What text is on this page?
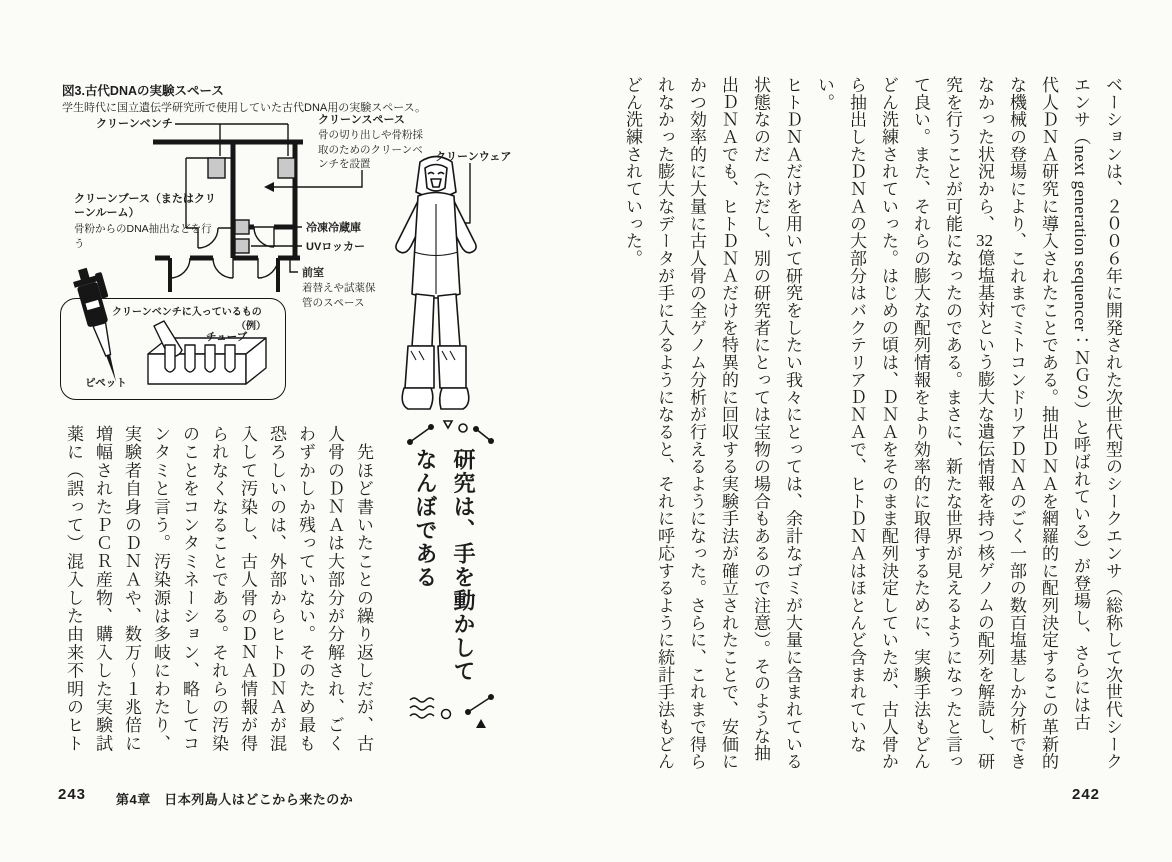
図3.古代DNAの実験スペース
学生時代に国立遺伝学研究所で使用していた古代DNA用の実験スペース。
クリーンベンチ	クリーンスペース
骨の切り出しや骨粉採取のためのクリーンベンチを設置
クリーンウェア
クリーンブース（またはクリーンルーム）
骨粉からのDNA抽出などを行う
冷凍冷蔵庫
UVロッカー
前室
着替えや試薬保管のスペース
クリーンベンチに入っているもの
（例）
チューブ
ピペット

研究は、手を動かして

なんぼである

　先ほど書いたことの繰り返しだが、古

人骨のＤＮＡは大部分が分解され、ごく

わずかしか残っていない。そのため最も

恐ろしいのは、外部からヒトＤＮＡが混

入して汚染し、古人骨のＤＮＡ情報が得

られなくなることである。それらの汚染

のことをコンタミネーション、略してコ

ンタミと言う。汚染源は多岐にわたり、

実験者自身のＤＮＡや、数万〜１兆倍に

増幅されたＰＣＲ産物、購入した実験試

薬に（誤って）混入した由来不明のヒト	ベーションは、２００６年に開発された次世代型のシークエンサ（総称して次世代シーク

エンサ（next generation sequencer：ＮＧＳ）と呼ばれている）が登場し、さらには古

代人ＤＮＡ研究に導入されたことである。抽出ＤＮＡを網羅的に配列決定するこの革新的

な機械の登場により、これまでミトコンドリアＤＮＡのごく一部の数百塩基しか分析でき

なかった状況から、32億塩基対という膨大な遺伝情報を持つ核ゲノムの配列を解読し、研

究を行うことが可能になったのである。まさに、新たな世界が見えるようになったと言っ

て良い。また、それらの膨大な配列情報をより効率的に取得するために、実験手法もどん

どん洗練されていった。はじめの頃は、ＤＮＡをそのまま配列決定していたが、古人骨か

ら抽出したＤＮＡの大部分はバクテリアＤＮＡで、ヒトＤＮＡはほとんど含まれていない。

ヒトＤＮＡだけを用いて研究をしたい我々にとっては、余計なゴミが大量に含まれている

状態なのだ（ただし、別の研究者にとっては宝物の場合もあるので注意）。そのような抽

出ＤＮＡでも、ヒトＤＮＡだけを特異的に回収する実験手法が確立されたことで、安価に

かつ効率的に大量に古人骨の全ゲノム分析が行えるようになった。さらに、これまで得ら

れなかった膨大なデータが手に入るようになると、それに呼応するように統計手法もどん

どん洗練されていった。

243 第4章　日本列島人はどこから来たのか	242
